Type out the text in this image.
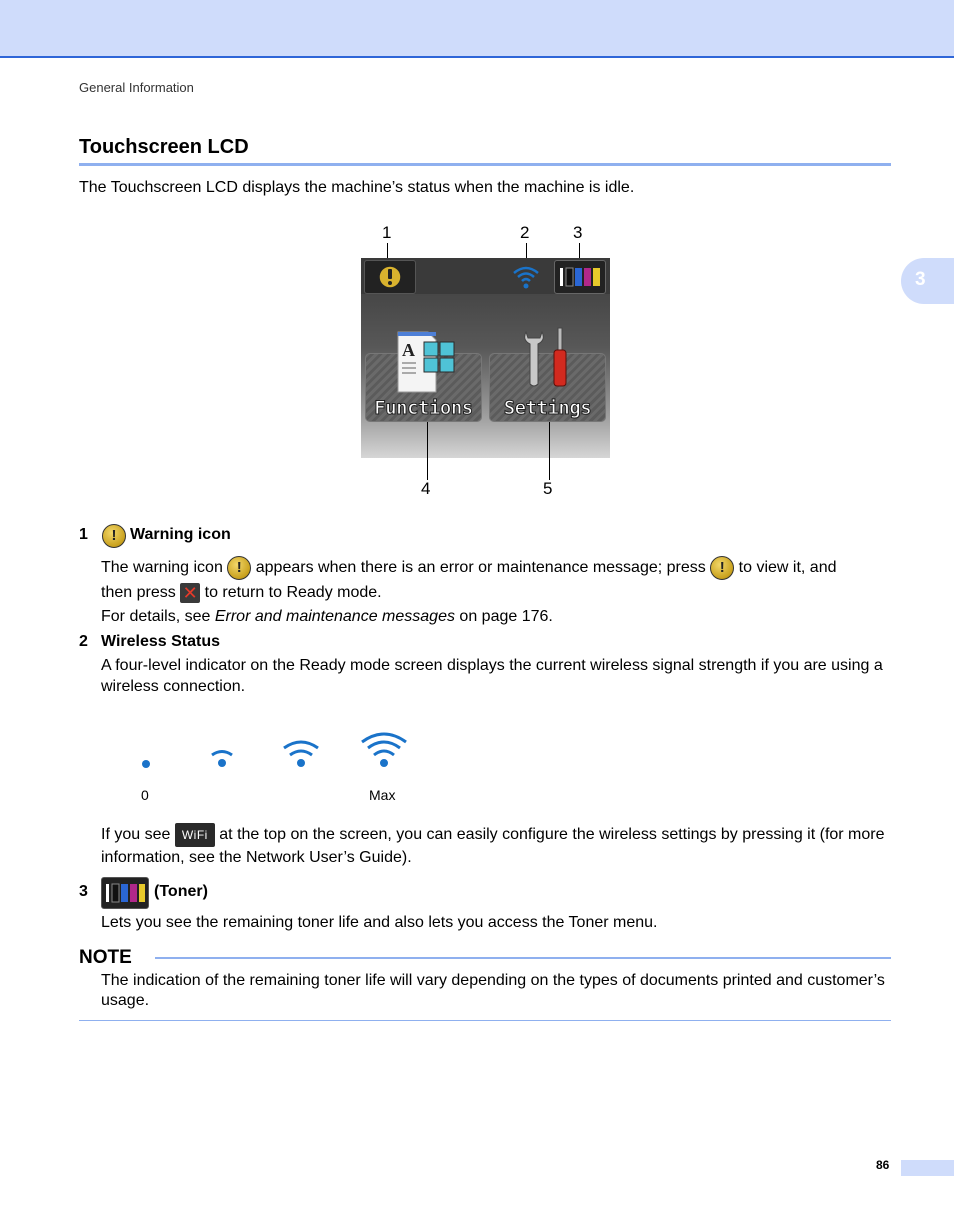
General Information
3
Touchscreen LCD
The Touchscreen LCD displays the machine’s status when the machine is idle.
1	2	3
A
Functions	Settings
4	5
1	! Warning icon
The warning icon ! appears when there is an error or maintenance message; press ! to view it, and
then press ✕ to return to Ready mode.
For details, see Error and maintenance messages on page 176.
2 Wireless Status
A four-level indicator on the Ready mode screen displays the current wireless signal strength if you are using a wireless connection.
0	Max
If you see WiFi at the top on the screen, you can easily configure the wireless settings by pressing it (for more information, see the Network User’s Guide).
3	(Toner)
Lets you see the remaining toner life and also lets you access the Toner menu.
NOTE
The indication of the remaining toner life will vary depending on the types of documents printed and customer’s usage.
86
